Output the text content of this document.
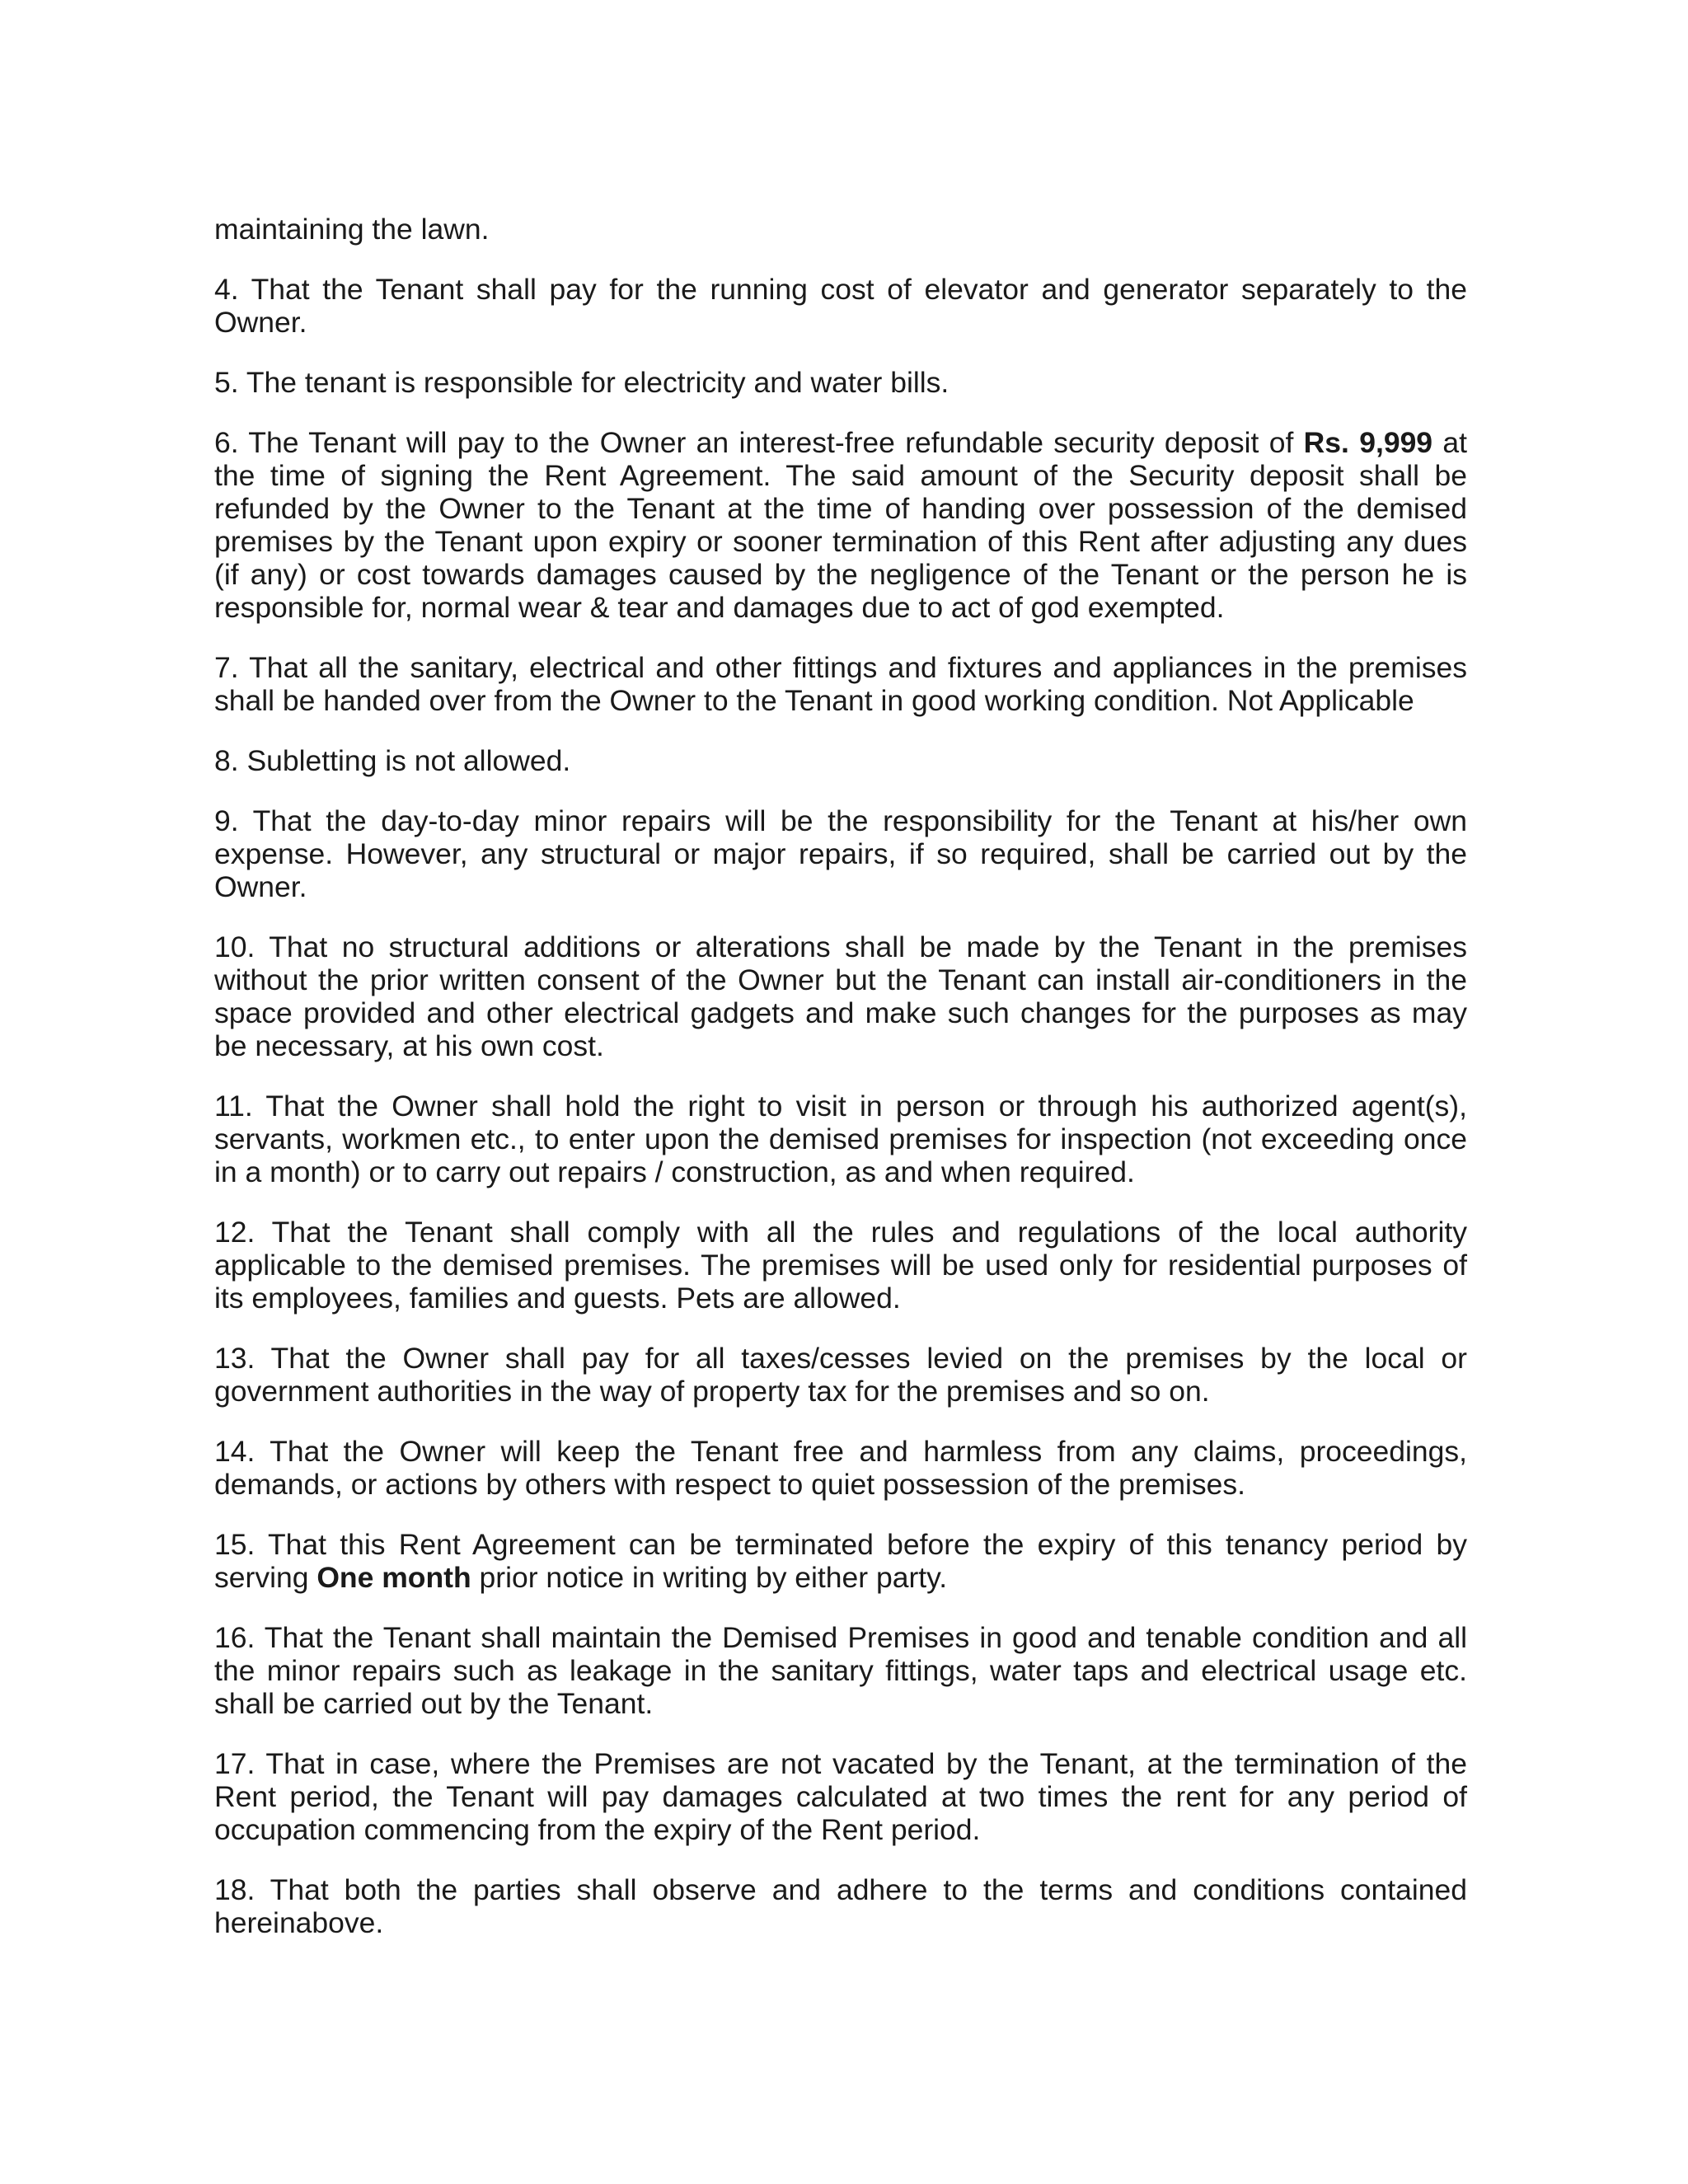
maintaining the lawn.

4. That the Tenant shall pay for the running cost of elevator and generator separately to the Owner.

5. The tenant is responsible for electricity and water bills.

6. The Tenant will pay to the Owner an interest-free refundable security deposit of Rs. 9,999 at the time of signing the Rent Agreement. The said amount of the Security deposit shall be refunded by the Owner to the Tenant at the time of handing over possession of the demised premises by the Tenant upon expiry or sooner termination of this Rent after adjusting any dues (if any) or cost towards damages caused by the negligence of the Tenant or the person he is responsible for, normal wear & tear and damages due to act of god exempted.

7. That all the sanitary, electrical and other fittings and fixtures and appliances in the premises shall be handed over from the Owner to the Tenant in good working condition. Not Applicable

8. Subletting is not allowed.

9. That the day-to-day minor repairs will be the responsibility for the Tenant at his/her own expense. However, any structural or major repairs, if so required, shall be carried out by the Owner.

10. That no structural additions or alterations shall be made by the Tenant in the premises without the prior written consent of the Owner but the Tenant can install air-conditioners in the space provided and other electrical gadgets and make such changes for the purposes as may be necessary, at his own cost.

11. That the Owner shall hold the right to visit in person or through his authorized agent(s), servants, workmen etc., to enter upon the demised premises for inspection (not exceeding once in a month) or to carry out repairs / construction, as and when required.

12. That the Tenant shall comply with all the rules and regulations of the local authority applicable to the demised premises. The premises will be used only for residential purposes of its employees, families and guests. Pets are allowed.

13. That the Owner shall pay for all taxes/cesses levied on the premises by the local or government authorities in the way of property tax for the premises and so on.

14. That the Owner will keep the Tenant free and harmless from any claims, proceedings, demands, or actions by others with respect to quiet possession of the premises.

15. That this Rent Agreement can be terminated before the expiry of this tenancy period by serving One month prior notice in writing by either party.

16. That the Tenant shall maintain the Demised Premises in good and tenable condition and all the minor repairs such as leakage in the sanitary fittings, water taps and electrical usage etc. shall be carried out by the Tenant.

17. That in case, where the Premises are not vacated by the Tenant, at the termination of the Rent period, the Tenant will pay damages calculated at two times the rent for any period of occupation commencing from the expiry of the Rent period.

18. That both the parties shall observe and adhere to the terms and conditions contained hereinabove.
